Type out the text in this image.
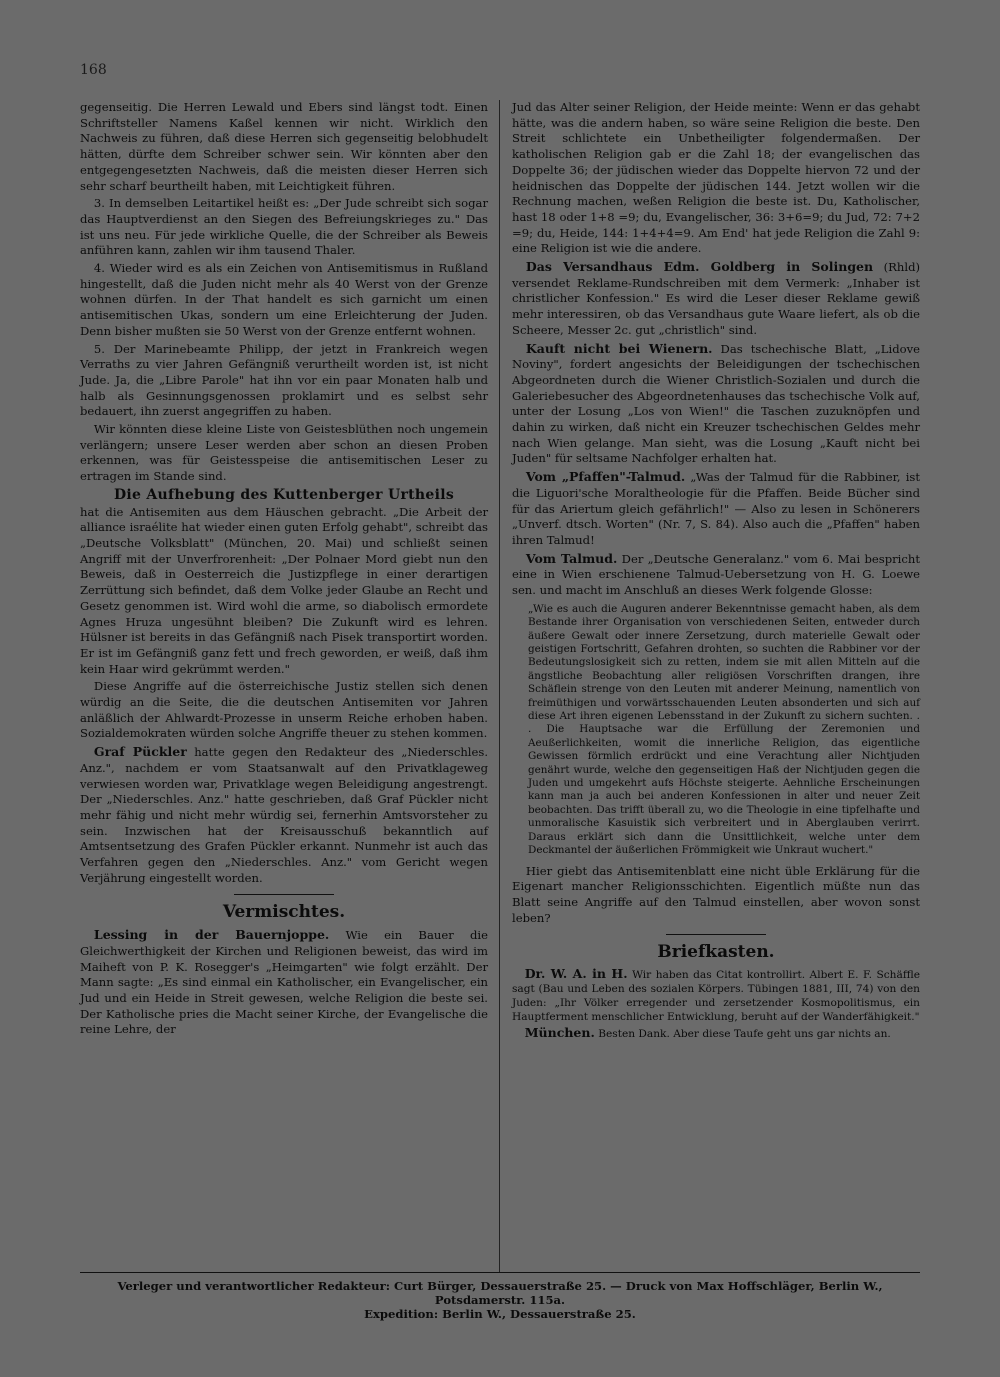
168

gegenseitig. Die Herren Lewald und Ebers sind längst todt. Einen Schriftsteller Namens Kaßel kennen wir nicht. Wirklich den Nachweis zu führen, daß diese Herren sich gegenseitig belobhudelt hätten, dürfte dem Schreiber schwer sein. Wir könnten aber den entgegengesetzten Nachweis, daß die meisten dieser Herren sich sehr scharf beurtheilt haben, mit Leichtigkeit führen.

3. In demselben Leitartikel heißt es: „Der Jude schreibt sich sogar das Hauptverdienst an den Siegen des Befreiungskrieges zu." Das ist uns neu. Für jede wirkliche Quelle, die der Schreiber als Beweis anführen kann, zahlen wir ihm tausend Thaler.

4. Wieder wird es als ein Zeichen von Antisemitismus in Rußland hingestellt, daß die Juden nicht mehr als 40 Werst von der Grenze wohnen dürfen. In der That handelt es sich garnicht um einen antisemitischen Ukas, sondern um eine Erleichterung der Juden. Denn bisher mußten sie 50 Werst von der Grenze entfernt wohnen.

5. Der Marinebeamte Philipp, der jetzt in Frankreich wegen Verraths zu vier Jahren Gefängniß verurtheilt worden ist, ist nicht Jude. Ja, die „Libre Parole" hat ihn vor ein paar Monaten halb und halb als Gesinnungsgenossen proklamirt und es selbst sehr bedauert, ihn zuerst angegriffen zu haben.

Wir könnten diese kleine Liste von Geistesblüthen noch ungemein verlängern; unsere Leser werden aber schon an diesen Proben erkennen, was für Geistesspeise die antisemitischen Leser zu ertragen im Stande sind.

Die Aufhebung des Kuttenberger Urtheils

hat die Antisemiten aus dem Häuschen gebracht. „Die Arbeit der alliance israélite hat wieder einen guten Erfolg gehabt", schreibt das „Deutsche Volksblatt" (München, 20. Mai) und schließt seinen Angriff mit der Unverfrorenheit: „Der Polnaer Mord giebt nun den Beweis, daß in Oesterreich die Justizpflege in einer derartigen Zerrüttung sich befindet, daß dem Volke jeder Glaube an Recht und Gesetz genommen ist. Wird wohl die arme, so diabolisch ermordete Agnes Hruza ungesühnt bleiben? Die Zukunft wird es lehren. Hülsner ist bereits in das Gefängniß nach Pisek transportirt worden. Er ist im Gefängniß ganz fett und frech geworden, er weiß, daß ihm kein Haar wird gekrümmt werden."

Diese Angriffe auf die österreichische Justiz stellen sich denen würdig an die Seite, die die deutschen Antisemiten vor Jahren anläßlich der Ahlwardt-Prozesse in unserm Reiche erhoben haben. Sozialdemokraten würden solche Angriffe theuer zu stehen kommen.

Graf Pückler hatte gegen den Redakteur des „Niederschles. Anz.", nachdem er vom Staatsanwalt auf den Privatklageweg verwiesen worden war, Privatklage wegen Beleidigung angestrengt. Der „Niederschles. Anz." hatte geschrieben, daß Graf Pückler nicht mehr fähig und nicht mehr würdig sei, fernerhin Amtsvorsteher zu sein. Inzwischen hat der Kreisausschuß bekanntlich auf Amtsentsetzung des Grafen Pückler erkannt. Nunmehr ist auch das Verfahren gegen den „Niederschles. Anz." vom Gericht wegen Verjährung eingestellt worden.

Vermischtes.

Lessing in der Bauernjoppe. Wie ein Bauer die Gleichwerthigkeit der Kirchen und Religionen beweist, das wird im Maiheft von P. K. Rosegger's „Heimgarten" wie folgt erzählt. Der Mann sagte: „Es sind einmal ein Katholischer, ein Evangelischer, ein Jud und ein Heide in Streit gewesen, welche Religion die beste sei. Der Katholische pries die Macht seiner Kirche, der Evangelische die reine Lehre, der

Jud das Alter seiner Religion, der Heide meinte: Wenn er das gehabt hätte, was die andern haben, so wäre seine Religion die beste. Den Streit schlichtete ein Unbetheiligter folgendermaßen. Der katholischen Religion gab er die Zahl 18; der evangelischen das Doppelte 36; der jüdischen wieder das Doppelte hiervon 72 und der heidnischen das Doppelte der jüdischen 144. Jetzt wollen wir die Rechnung machen, weßen Religion die beste ist. Du, Katholischer, hast 18 oder 1+8 =9; du, Evangelischer, 36: 3+6=9; du Jud, 72: 7+2 =9; du, Heide, 144: 1+4+4=9. Am End' hat jede Religion die Zahl 9: eine Religion ist wie die andere.

Das Versandhaus Edm. Goldberg in Solingen (Rhld) versendet Reklame-Rundschreiben mit dem Vermerk: „Inhaber ist christlicher Konfession." Es wird die Leser dieser Reklame gewiß mehr interessiren, ob das Versandhaus gute Waare liefert, als ob die Scheere, Messer 2c. gut „christlich" sind.

Kauft nicht bei Wienern. Das tschechische Blatt, „Lidove Noviny", fordert angesichts der Beleidigungen der tschechischen Abgeordneten durch die Wiener Christlich-Sozialen und durch die Galeriebesucher des Abgeordnetenhauses das tschechische Volk auf, unter der Losung „Los von Wien!" die Taschen zuzuknöpfen und dahin zu wirken, daß nicht ein Kreuzer tschechischen Geldes mehr nach Wien gelange. Man sieht, was die Losung „Kauft nicht bei Juden" für seltsame Nachfolger erhalten hat.

Vom „Pfaffen"-Talmud. „Was der Talmud für die Rabbiner, ist die Liguori'sche Moraltheologie für die Pfaffen. Beide Bücher sind für das Ariertum gleich gefährlich!" — Also zu lesen in Schönerers „Unverf. dtsch. Worten" (Nr. 7, S. 84). Also auch die „Pfaffen" haben ihren Talmud!

Vom Talmud. Der „Deutsche Generalanz." vom 6. Mai bespricht eine in Wien erschienene Talmud-Uebersetzung von H. G. Loewe sen. und macht im Anschluß an dieses Werk folgende Glosse:

„Wie es auch die Auguren anderer Bekenntnisse gemacht haben, als dem Bestande ihrer Organisation von verschiedenen Seiten, entweder durch äußere Gewalt oder innere Zersetzung, durch materielle Gewalt oder geistigen Fortschritt, Gefahren drohten, so suchten die Rabbiner vor der Bedeutungslosigkeit sich zu retten, indem sie mit allen Mitteln auf die ängstliche Beobachtung aller religiösen Vorschriften drangen, ihre Schäflein strenge von den Leuten mit anderer Meinung, namentlich von freimüthigen und vorwärtsschauenden Leuten absonderten und sich auf diese Art ihren eigenen Lebensstand in der Zukunft zu sichern suchten. . . Die Hauptsache war die Erfüllung der Zeremonien und Aeußerlichkeiten, womit die innerliche Religion, das eigentliche Gewissen förmlich erdrückt und eine Verachtung aller Nichtjuden genährt wurde, welche den gegenseitigen Haß der Nichtjuden gegen die Juden und umgekehrt aufs Höchste steigerte. Aehnliche Erscheinungen kann man ja auch bei anderen Konfessionen in alter und neuer Zeit beobachten. Das trifft überall zu, wo die Theologie in eine tipfelhafte und unmoralische Kasuistik sich verbreitert und in Aberglauben verirrt. Daraus erklärt sich dann die Unsittlichkeit, welche unter dem Deckmantel der äußerlichen Frömmigkeit wie Unkraut wuchert."

Hier giebt das Antisemitenblatt eine nicht üble Erklärung für die Eigenart mancher Religionsschichten. Eigentlich müßte nun das Blatt seine Angriffe auf den Talmud einstellen, aber wovon sonst leben?

Briefkasten.

Dr. W. A. in H. Wir haben das Citat kontrollirt. Albert E. F. Schäffle sagt (Bau und Leben des sozialen Körpers. Tübingen 1881, III, 74) von den Juden: „Ihr Völker erregender und zersetzender Kosmopolitismus, ein Hauptferment menschlicher Entwicklung, beruht auf der Wanderfähigkeit."

München. Besten Dank. Aber diese Taufe geht uns gar nichts an.

Verleger und verantwortlicher Redakteur: Curt Bürger, Dessauerstraße 25. — Druck von Max Hoffschläger, Berlin W., Potsdamerstr. 115a.
Expedition: Berlin W., Dessauerstraße 25.
